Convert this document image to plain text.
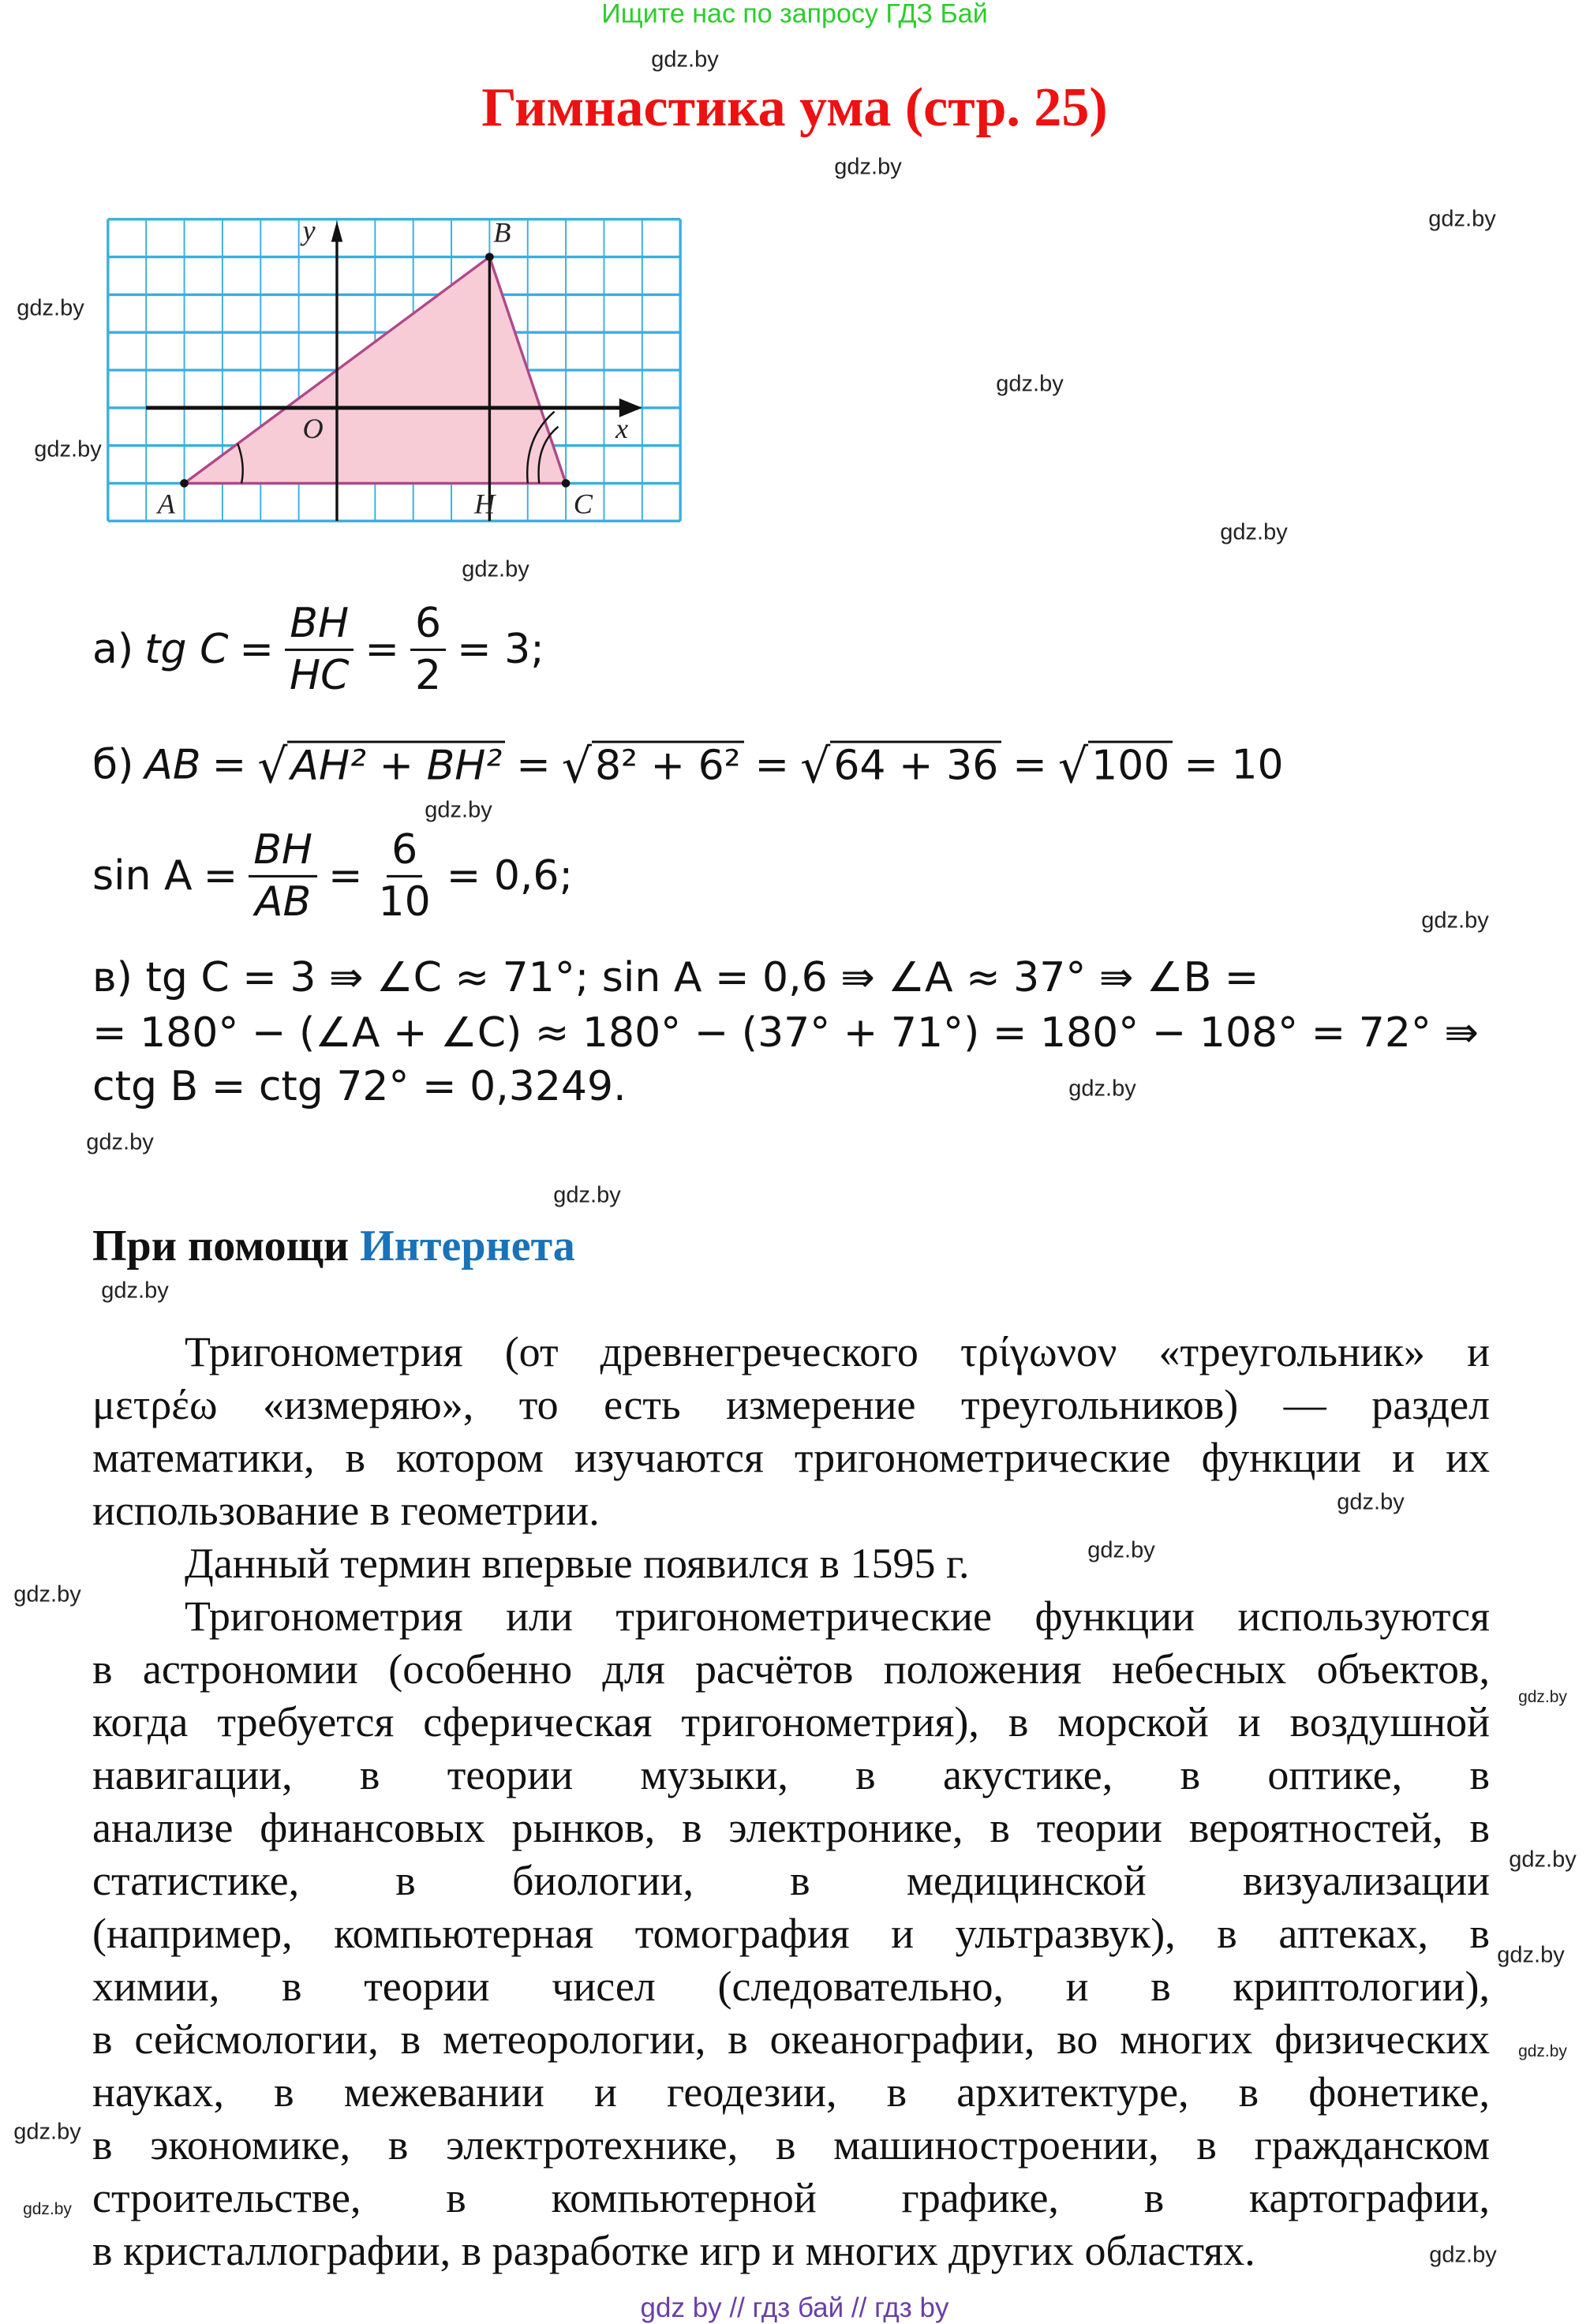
Ищите нас по запросу ГДЗ Бай
Гимнастика ума (стр. 25)
а) tg $C = \frac{BH}{HC} = \frac{6}{2} = 3$;
б) AB = √ AH² + BH² = √ 8² + 6² = √ 64 + 36 = √ 100 = 10
$\sin A = \frac{BH}{AB} = \frac{6}{10} = 0,6$;
в) tg C = 3 ⇛ ∠C ≈ 71°; sin A = 0,6 ⇛ ∠A ≈ 37° ⇛ ∠B =
= 180° − (∠A + ∠C) ≈ 180° − (37° + 71°) = 180° − 108° = 72° ⇛
ctg B = ctg 72° = 0,3249.
При помощи Интернета
Тригонометрия (от древнегреческого τρίγωνον «треугольник» и
μετρέω «измеряю», то есть измерение треугольников) — раздел
математики, в котором изучаются тригонометрические функции и их
использование в геометрии.
Данный термин впервые появился в 1595 г.
Тригонометрия или тригонометрические функции используются
в астрономии (особенно для расчётов положения небесных объектов,
когда требуется сферическая тригонометрия), в морской и воздушной
навигации, в теории музыки, в акустике, в оптике, в
анализе финансовых рынков, в электронике, в теории вероятностей, в
статистике, в биологии, в медицинской визуализации
(например, компьютерная томография и ультразвук), в аптеках, в
химии, в теории чисел (следовательно, и в криптологии),
в сейсмологии, в метеорологии, в океанографии, во многих физических
науках, в межевании и геодезии, в архитектуре, в фонетике,
в экономике, в электротехнике, в машиностроении, в гражданском
строительстве, в компьютерной графике, в картографии,
в кристаллографии, в разработке игр и многих других областях.
gdz.by
gdz.by
gdz.by
gdz.by
gdz.by
gdz.by
gdz.by
gdz.by
gdz.by
gdz.by
gdz.by
gdz.by
gdz.by
gdz.by
gdz.by
gdz.by
gdz.by
gdz.by
gdz.by
gdz.by
gdz.by
gdz.by
gdz.by
gdz.by
gdz by // гдз бай // гдз by
